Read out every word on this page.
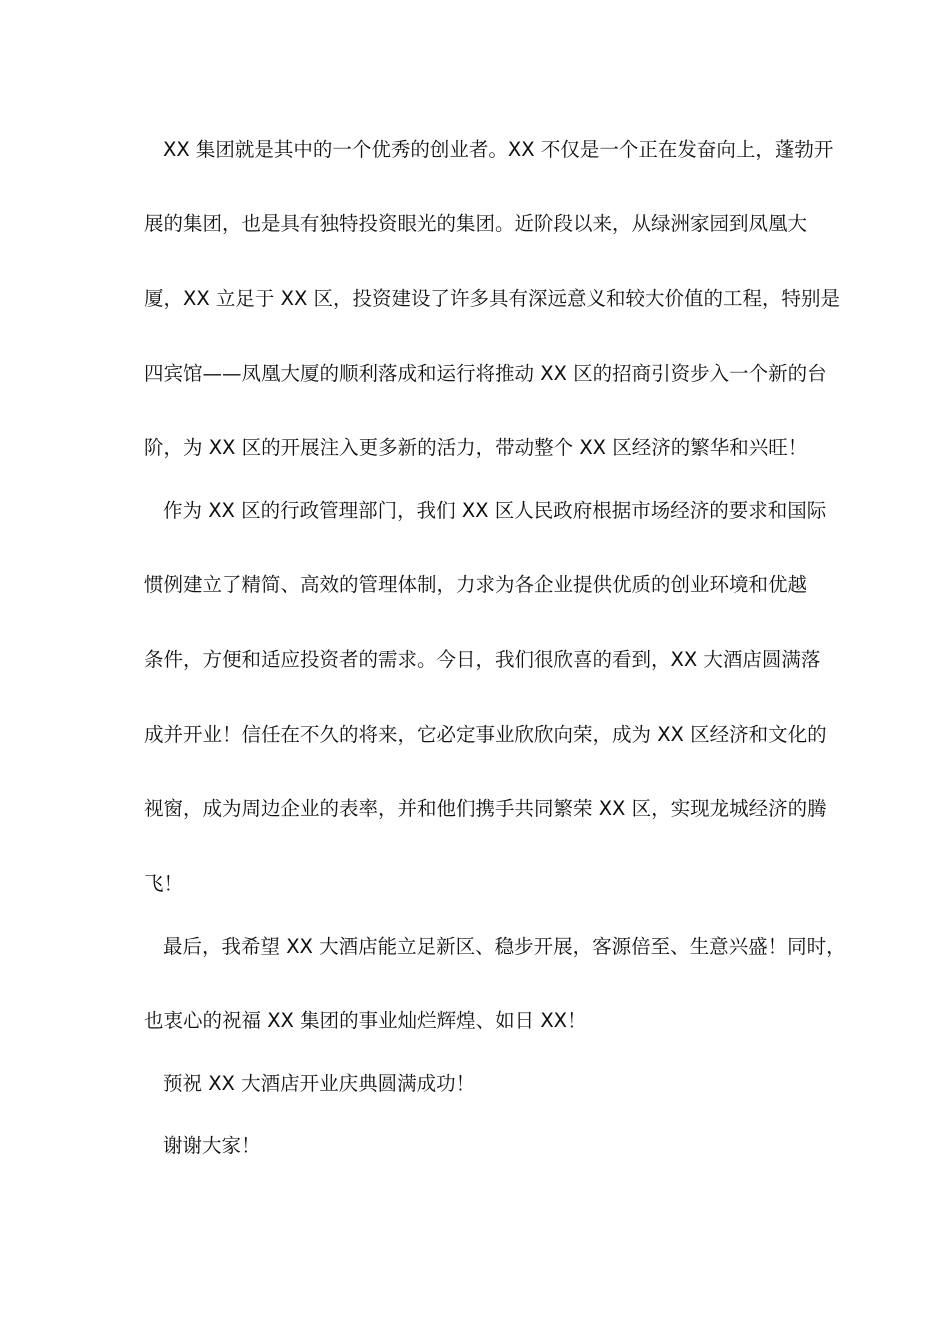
XX 集团就是其中的一个优秀的创业者。XX 不仅是一个正在发奋向上，蓬勃开
展的集团，也是具有独特投资眼光的集团。近阶段以来，从绿洲家园到凤凰大
厦，XX 立足于 XX 区，投资建设了许多具有深远意义和较大价值的工程，特别是
四宾馆——凤凰大厦的顺利落成和运行将推动 XX 区的招商引资步入一个新的台
阶，为 XX 区的开展注入更多新的活力，带动整个 XX 区经济的繁华和兴旺！
作为 XX 区的行政管理部门，我们 XX 区人民政府根据市场经济的要求和国际
惯例建立了精简、高效的管理体制，力求为各企业提供优质的创业环境和优越
条件，方便和适应投资者的需求。今日，我们很欣喜的看到，XX 大酒店圆满落
成并开业！信任在不久的将来，它必定事业欣欣向荣，成为 XX 区经济和文化的
视窗，成为周边企业的表率，并和他们携手共同繁荣 XX 区，实现龙城经济的腾
飞！
最后，我希望 XX 大酒店能立足新区、稳步开展，客源倍至、生意兴盛！同时，
也衷心的祝福 XX 集团的事业灿烂辉煌、如日 XX！
预祝 XX 大酒店开业庆典圆满成功！
谢谢大家！
